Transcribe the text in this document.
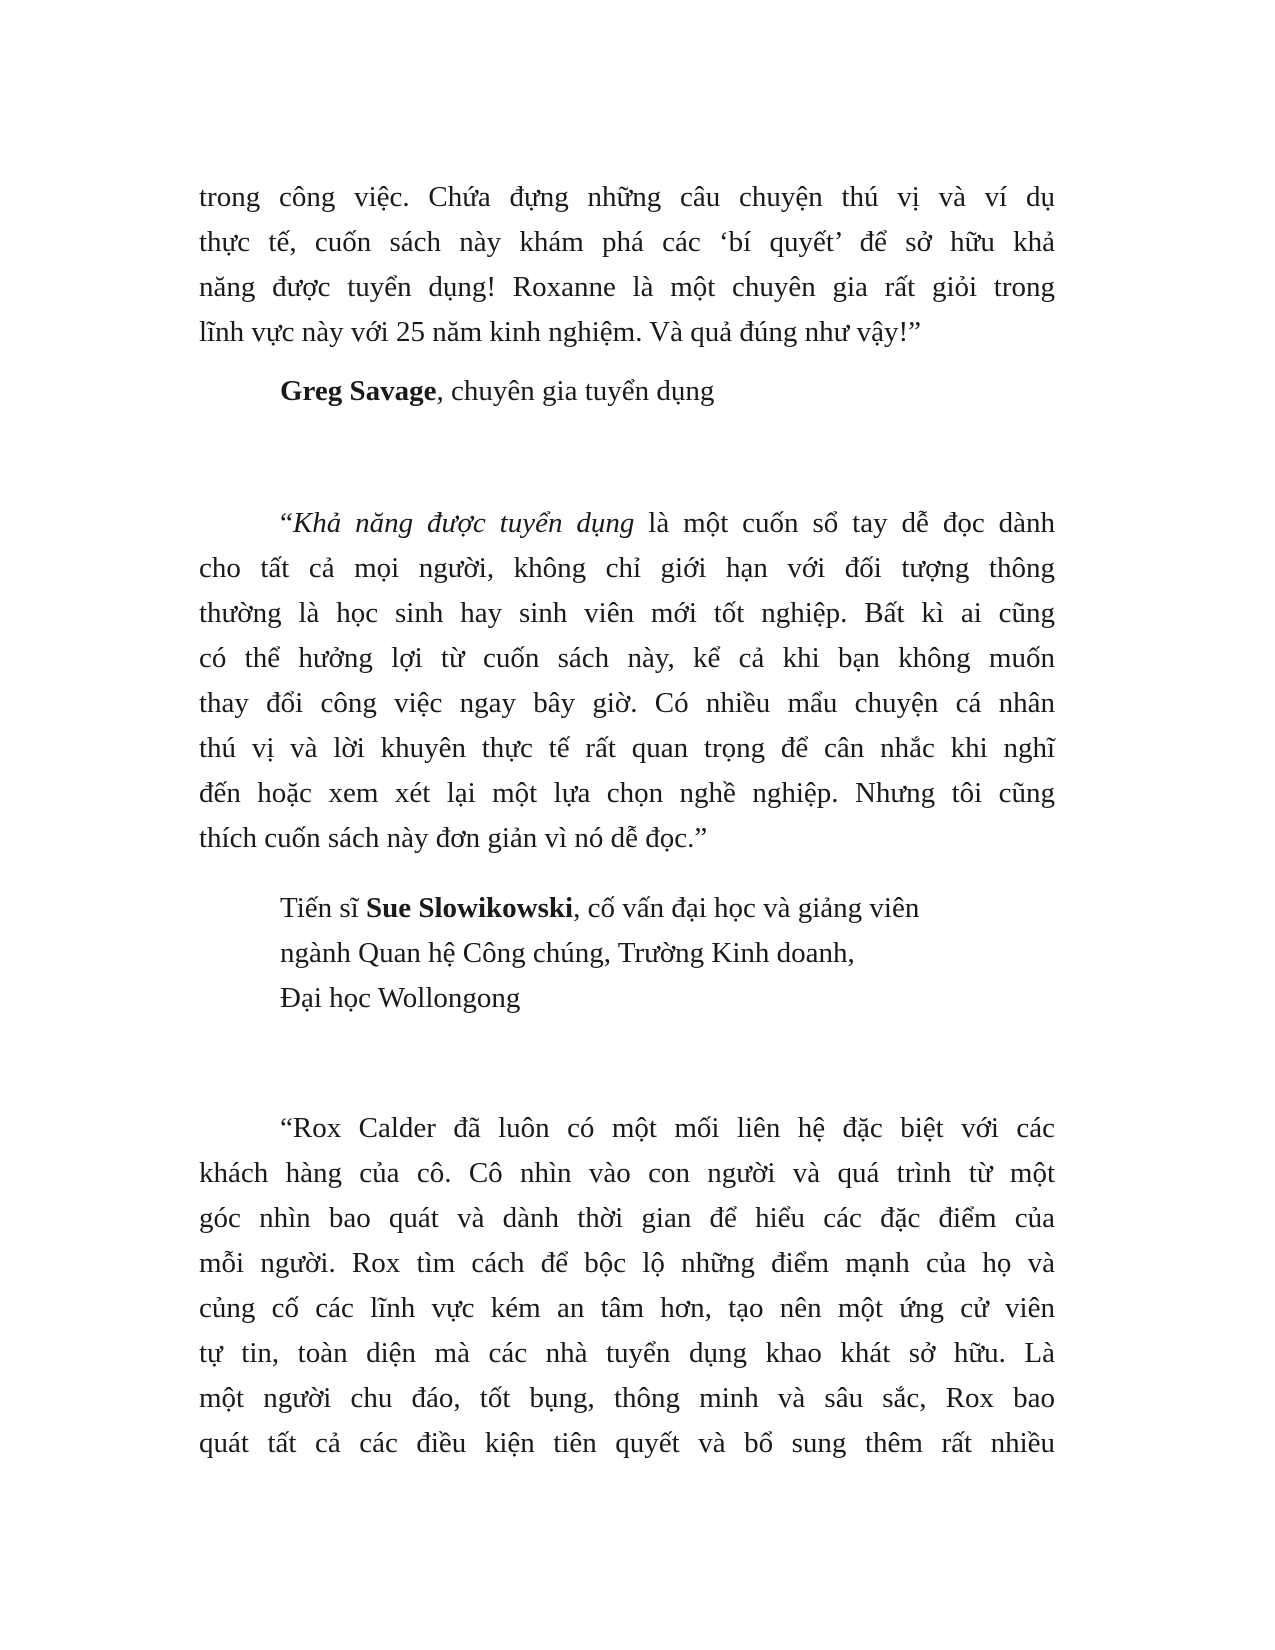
trong công việc. Chứa đựng những câu chuyện thú vị và ví dụ
thực tế, cuốn sách này khám phá các ‘bí quyết’ để sở hữu khả
năng được tuyển dụng! Roxanne là một chuyên gia rất giỏi trong
lĩnh vực này với 25 năm kinh nghiệm. Và quả đúng như vậy!”
Greg Savage, chuyên gia tuyển dụng
“Khả năng được tuyển dụng là một cuốn sổ tay dễ đọc dành
cho tất cả mọi người, không chỉ giới hạn với đối tượng thông
thường là học sinh hay sinh viên mới tốt nghiệp. Bất kì ai cũng
có thể hưởng lợi từ cuốn sách này, kể cả khi bạn không muốn
thay đổi công việc ngay bây giờ. Có nhiều mẩu chuyện cá nhân
thú vị và lời khuyên thực tế rất quan trọng để cân nhắc khi nghĩ
đến hoặc xem xét lại một lựa chọn nghề nghiệp. Nhưng tôi cũng
thích cuốn sách này đơn giản vì nó dễ đọc.”
Tiến sĩ Sue Slowikowski, cố vấn đại học và giảng viên
ngành Quan hệ Công chúng, Trường Kinh doanh,
Đại học Wollongong
“Rox Calder đã luôn có một mối liên hệ đặc biệt với các
khách hàng của cô. Cô nhìn vào con người và quá trình từ một
góc nhìn bao quát và dành thời gian để hiểu các đặc điểm của
mỗi người. Rox tìm cách để bộc lộ những điểm mạnh của họ và
củng cố các lĩnh vực kém an tâm hơn, tạo nên một ứng cử viên
tự tin, toàn diện mà các nhà tuyển dụng khao khát sở hữu. Là
một người chu đáo, tốt bụng, thông minh và sâu sắc, Rox bao
quát tất cả các điều kiện tiên quyết và bổ sung thêm rất nhiều
